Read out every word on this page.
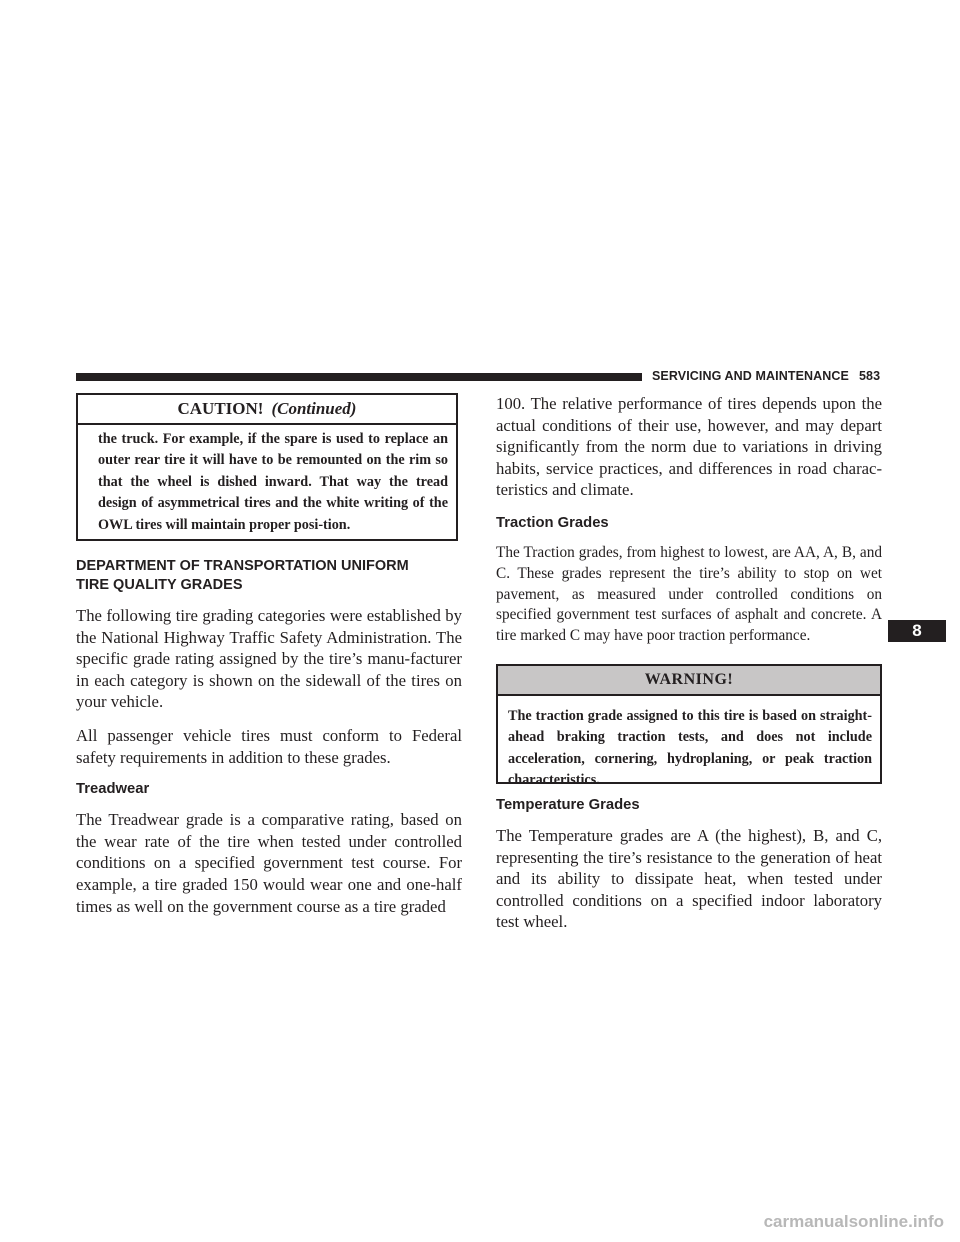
SERVICING AND MAINTENANCE 583
CAUTION! (Continued)
the truck. For example, if the spare is used to replace an outer rear tire it will have to be remounted on the rim so that the wheel is dished inward. That way the tread design of asymmetrical tires and the white writing of the OWL tires will maintain proper posi-tion.
DEPARTMENT OF TRANSPORTATION UNIFORM
TIRE QUALITY GRADES

The following tire grading categories were established by the National Highway Traffic Safety Administration. The specific grade rating assigned by the tire’s manu-facturer in each category is shown on the sidewall of the tires on your vehicle.

All passenger vehicle tires must conform to Federal safety requirements in addition to these grades.

Treadwear

The Treadwear grade is a comparative rating, based on the wear rate of the tire when tested under controlled conditions on a specified government test course. For example, a tire graded 150 would wear one and one-half times as well on the government course as a tire graded

100. The relative performance of tires depends upon the actual conditions of their use, however, and may depart significantly from the norm due to variations in driving habits, service practices, and differences in road charac-teristics and climate.

Traction Grades

The Traction grades, from highest to lowest, are AA, A, B, and C. These grades represent the tire’s ability to stop on wet pavement, as measured under controlled conditions on specified government test surfaces of asphalt and concrete. A tire marked C may have poor traction performance.

WARNING!
The traction grade assigned to this tire is based on straight-ahead braking traction tests, and does not include acceleration, cornering, hydroplaning, or peak traction characteristics.
Temperature Grades

The Temperature grades are A (the highest), B, and C, representing the tire’s resistance to the generation of heat and its ability to dissipate heat, when tested under controlled conditions on a specified indoor laboratory test wheel.

8
carmanualsonline.info
